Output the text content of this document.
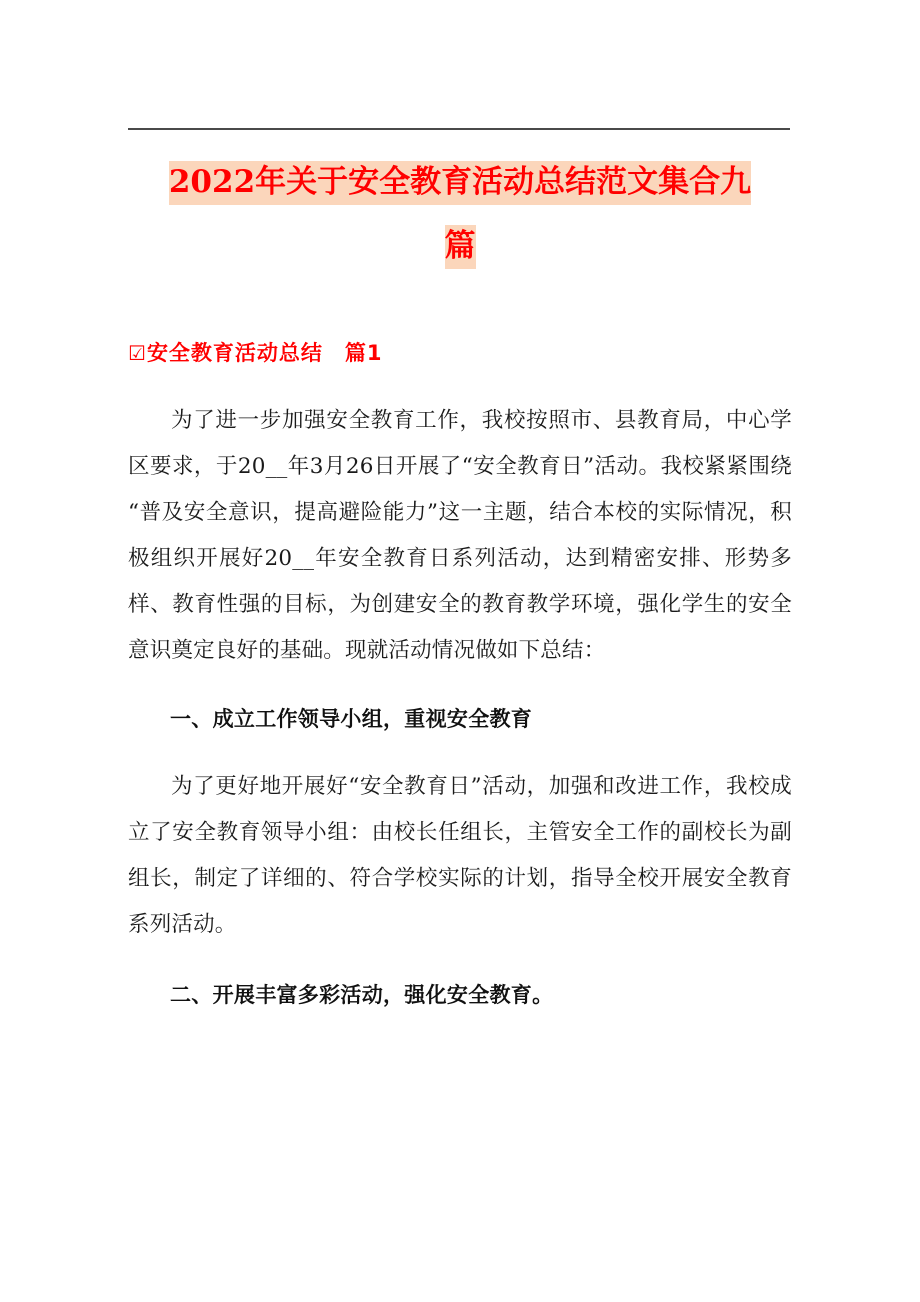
2022年关于安全教育活动总结范文集合九
篇

☑安全教育活动总结　篇1

为了进一步加强安全教育工作，我校按照市、县教育局，中心学区要求，于20__年3月26日开展了“安全教育日”活动。我校紧紧围绕“普及安全意识，提高避险能力”这一主题，结合本校的实际情况，积极组织开展好20__年安全教育日系列活动，达到精密安排、形势多样、教育性强的目标，为创建安全的教育教学环境，强化学生的安全意识奠定良好的基础。现就活动情况做如下总结：

一、成立工作领导小组，重视安全教育

为了更好地开展好“安全教育日”活动，加强和改进工作，我校成立了安全教育领导小组：由校长任组长，主管安全工作的副校长为副组长，制定了详细的、符合学校实际的计划，指导全校开展安全教育系列活动。

二、开展丰富多彩活动，强化安全教育。
